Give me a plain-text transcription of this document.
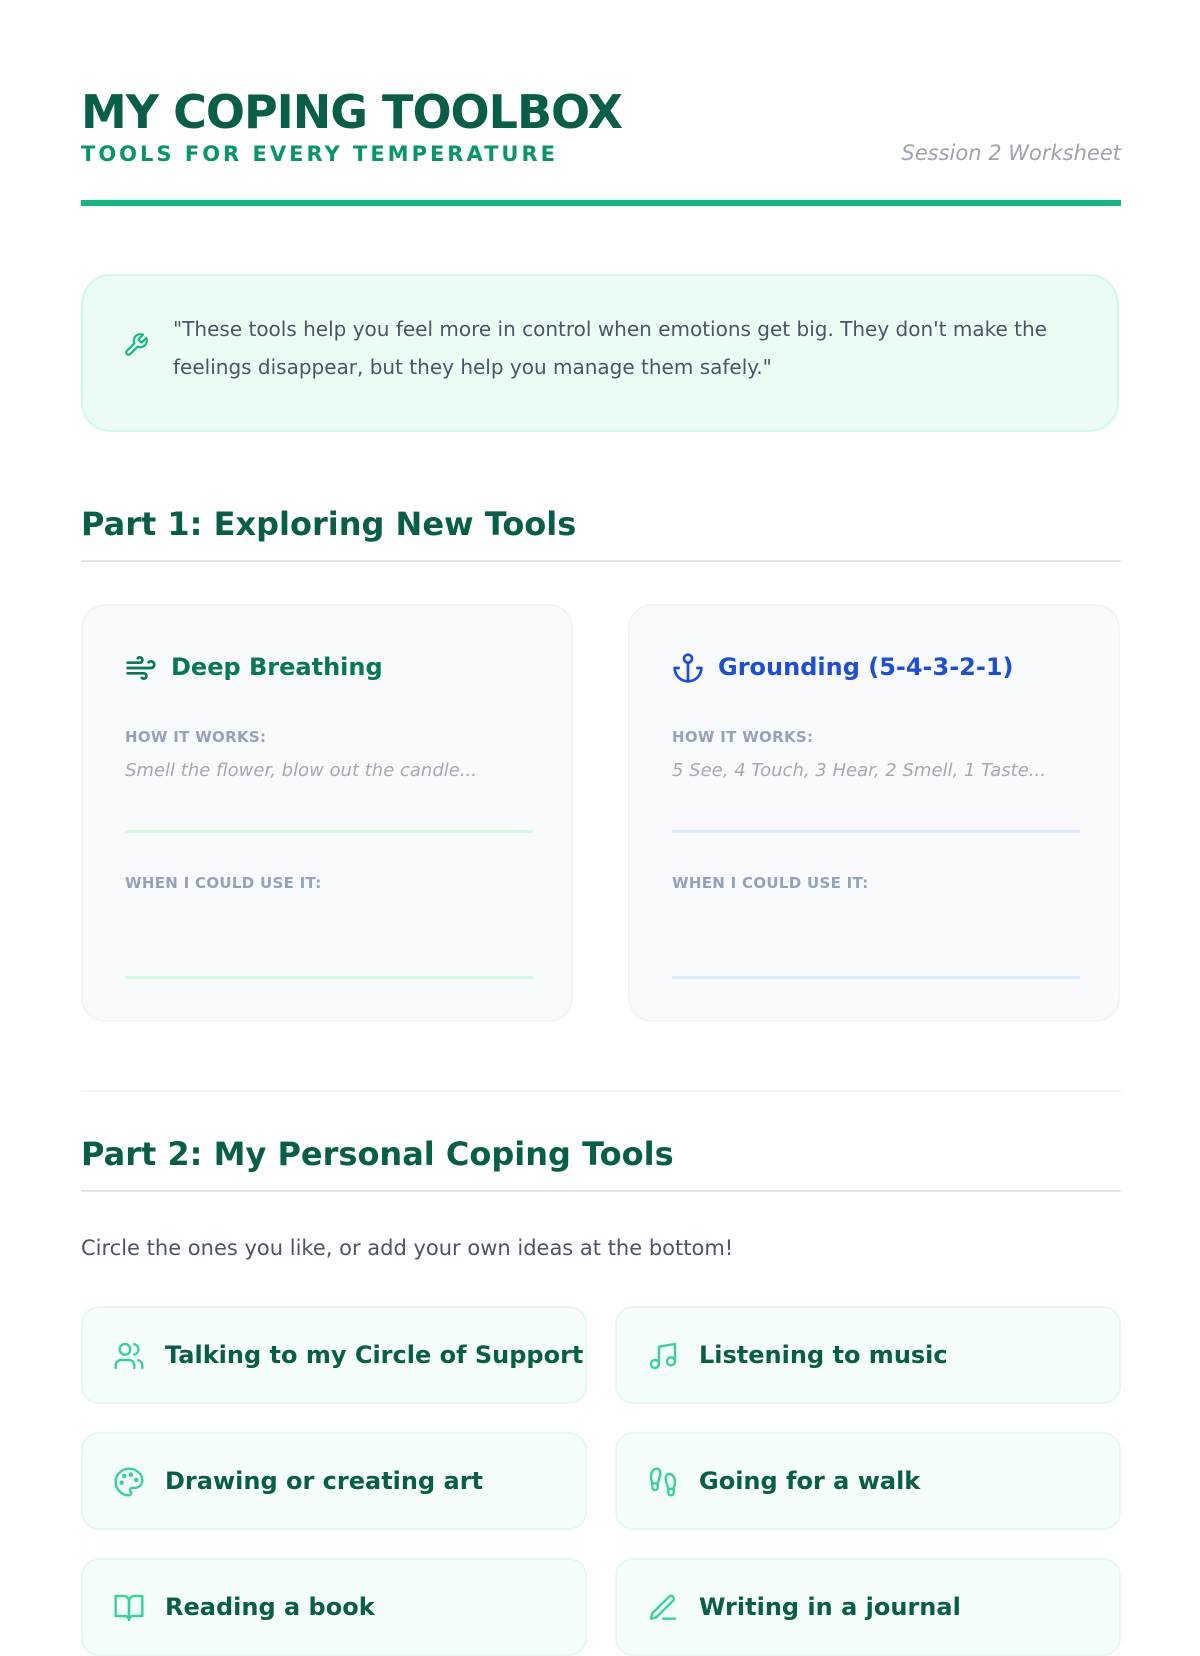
MY COPING TOOLBOX
TOOLS FOR EVERY TEMPERATURE	Session 2 Worksheet
"These tools help you feel more in control when emotions get big. They don't make the feelings disappear, but they help you manage them safely."
Part 1: Exploring New Tools
Deep Breathing
HOW IT WORKS:
Smell the flower, blow out the candle...
WHEN I COULD USE IT:
Grounding (5-4-3-2-1)
HOW IT WORKS:
5 See, 4 Touch, 3 Hear, 2 Smell, 1 Taste...
WHEN I COULD USE IT:
Part 2: My Personal Coping Tools
Circle the ones you like, or add your own ideas at the bottom!
Talking to my Circle of Support	Listening to music
Drawing or creating art	Going for a walk
Reading a book	Writing in a journal
